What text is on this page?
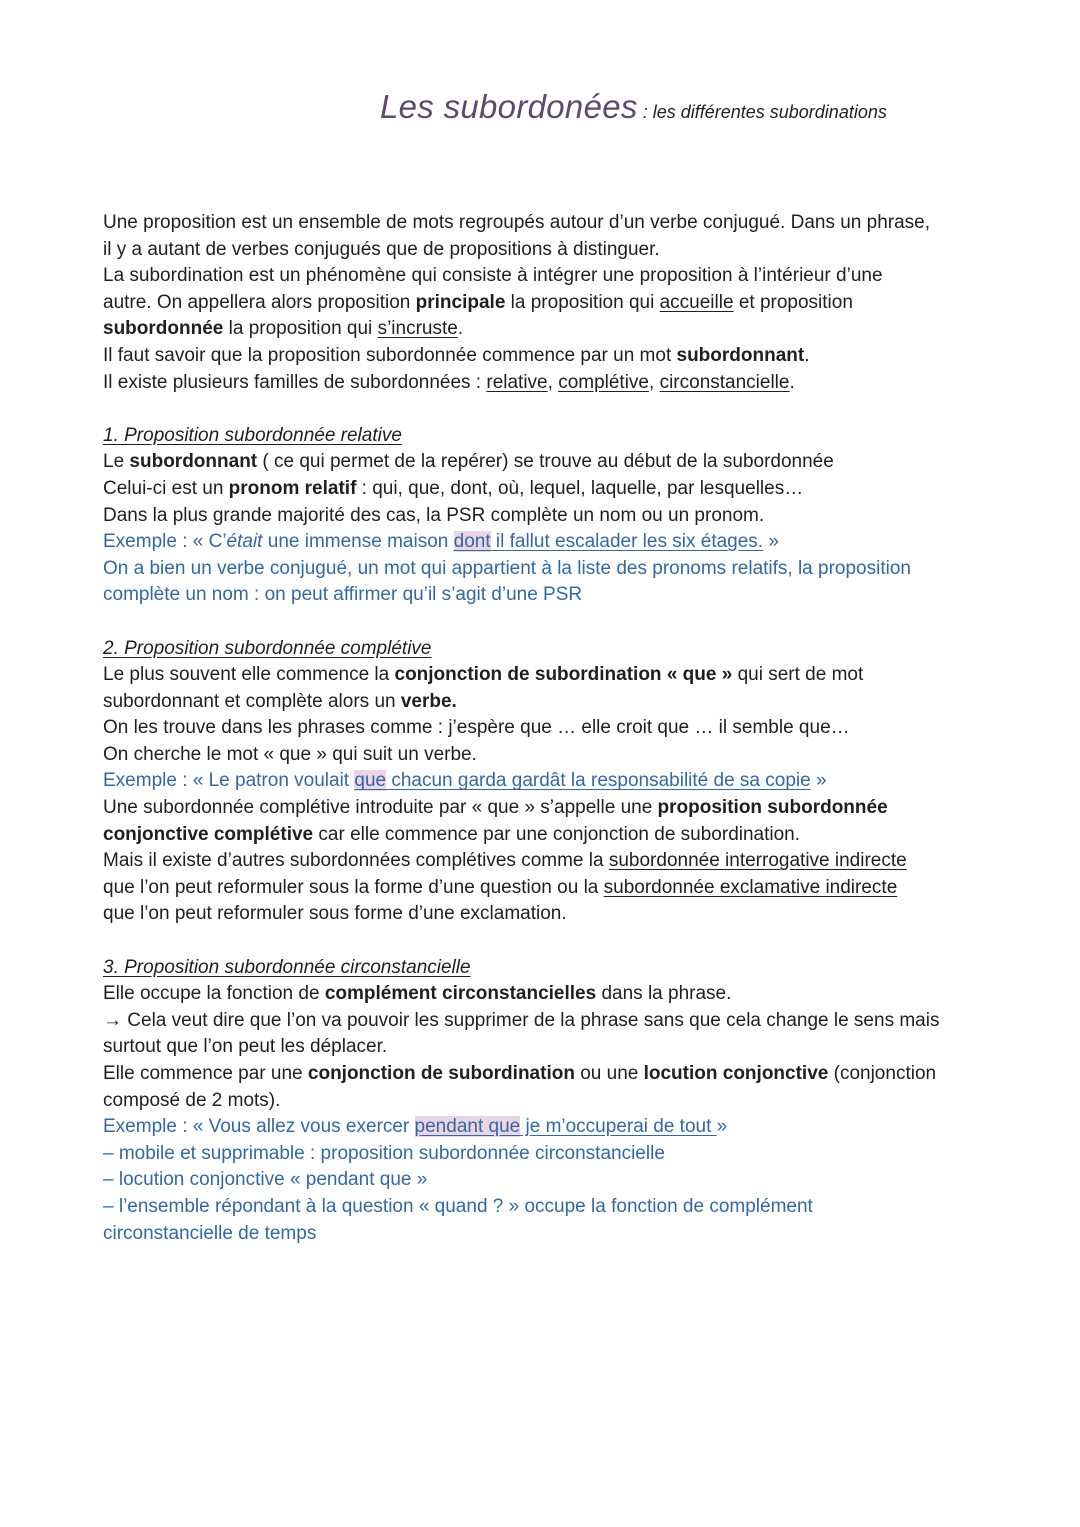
Les subordonées : les différentes subordinations
Une proposition est un ensemble de mots regroupés autour d’un verbe conjugué. Dans un phrase,
il y a autant de verbes conjugués que de propositions à distinguer.
La subordination est un phénomène qui consiste à intégrer une proposition à l’intérieur d’une
autre. On appellera alors proposition principale la proposition qui accueille et proposition
subordonnée la proposition qui s’incruste.
Il faut savoir que la proposition subordonnée commence par un mot subordonnant.
Il existe plusieurs familles de subordonnées : relative, complétive, circonstancielle.
1. Proposition subordonnée relative
Le subordonnant ( ce qui permet de la repérer) se trouve au début de la subordonnée
Celui-ci est un pronom relatif : qui, que, dont, où, lequel, laquelle, par lesquelles…
Dans la plus grande majorité des cas, la PSR complète un nom ou un pronom.
Exemple : « C’était une immense maison dont il fallut escalader les six étages. »
On a bien un verbe conjugué, un mot qui appartient à la liste des pronoms relatifs, la proposition
complète un nom : on peut affirmer qu’il s’agit d’une PSR
2. Proposition subordonnée complétive
Le plus souvent elle commence la conjonction de subordination « que » qui sert de mot
subordonnant et complète alors un verbe.
On les trouve dans les phrases comme : j’espère que … elle croit que … il semble que…
On cherche le mot « que » qui suit un verbe.
Exemple : « Le patron voulait que chacun garda gardât la responsabilité de sa copie »
Une subordonnée complétive introduite par « que » s’appelle une proposition subordonnée
conjonctive complétive car elle commence par une conjonction de subordination.
Mais il existe d’autres subordonnées complétives comme la subordonnée interrogative indirecte
que l’on peut reformuler sous la forme d’une question ou la subordonnée exclamative indirecte
que l’on peut reformuler sous forme d’une exclamation.
3. Proposition subordonnée circonstancielle
Elle occupe la fonction de complément circonstancielles dans la phrase.
→ Cela veut dire que l’on va pouvoir les supprimer de la phrase sans que cela change le sens mais
surtout que l’on peut les déplacer.
Elle commence par une conjonction de subordination ou une locution conjonctive (conjonction
composé de 2 mots).
Exemple : « Vous allez vous exercer pendant que je m’occuperai de tout »
– mobile et supprimable : proposition subordonnée circonstancielle
– locution conjonctive « pendant que »
– l’ensemble répondant à la question « quand ? » occupe la fonction de complément
circonstancielle de temps
